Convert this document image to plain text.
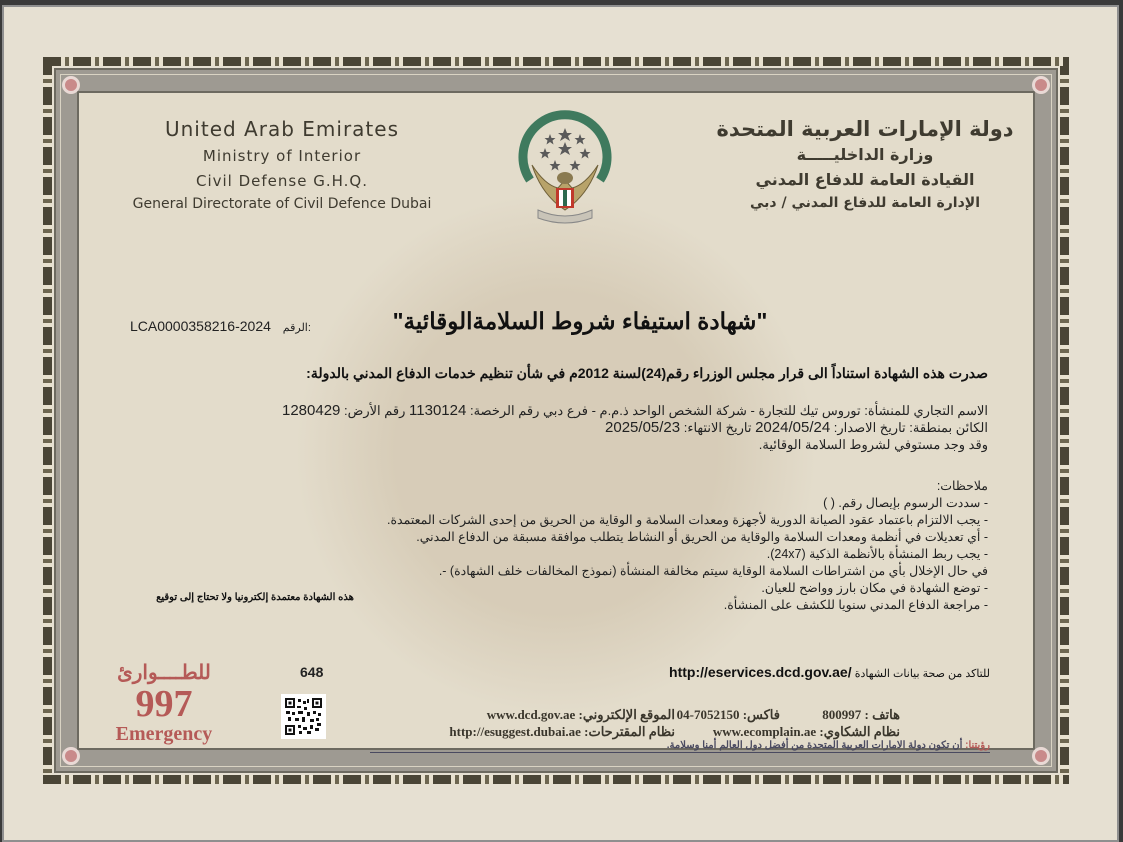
United Arab Emirates
Ministry of Interior
Civil Defense G.H.Q.
General Directorate of Civil Defence Dubai
دولة الإمارات العربية المتحدة
وزارة الداخليـــــة
القيادة العامة للدفاع المدني
الإدارة العامة للدفاع المدني / دبي
LCA0000358216-2024 الرقم:	"شهادة استيفاء شروط السلامةالوقائية"
صدرت هذه الشهادة استناداً الى قرار مجلس الوزراء رقم(24)لسنة 2012م في شأن تنظيم خدمات الدفاع المدني بالدولة:
الاسم التجاري للمنشأة: توروس تيك للتجارة - شركة الشخص الواحد ذ.م.م - فرع دبي رقم الرخصة: 1130124 رقم الأرض: 1280429
الكائن بمنطقة: تاريخ الاصدار: 2024/05/24 تاريخ الانتهاء: 2025/05/23
وقد وجد مستوفي لشروط السلامة الوقائية.
ملاحظات:
- سددت الرسوم بإيصال رقم. ( )
- يجب الالتزام باعتماد عقود الصيانة الدورية لأجهزة ومعدات السلامة و الوقاية من الحريق من إحدى الشركات المعتمدة.
- أي تعديلات في أنظمة ومعدات السلامة والوقاية من الحريق أو النشاط يتطلب موافقة مسبقة من الدفاع المدني.
- يجب ربط المنشأة بالأنظمة الذكية (24x7).
في حال الإخلال بأي من اشتراطات السلامة الوقاية سيتم مخالفة المنشأة (نموذج المخالفات خلف الشهادة) -.
- توضع الشهادة في مكان بارز وواضح للعيان.
- مراجعة الدفاع المدني سنويا للكشف على المنشأة.
هذه الشهادة معتمدة إلكترونيا ولا تحتاج إلى توقيع
للطــــوارئ
997
Emergency
648	للتاكد من صحة بيانات الشهادة http://eservices.dcd.gov.ae/
هاتف : 800997
فاكس: 7052150-04
الموقع الإلكتروني: www.dcd.gov.ae
نظام الشكاوي: www.ecomplain.ae
نظام المقترحات: http://esuggest.dubai.ae
رؤيتنا: أن تكون دولة الامارات العربية المتحدة من أفضل دول العالم أمنا وسلامة.
